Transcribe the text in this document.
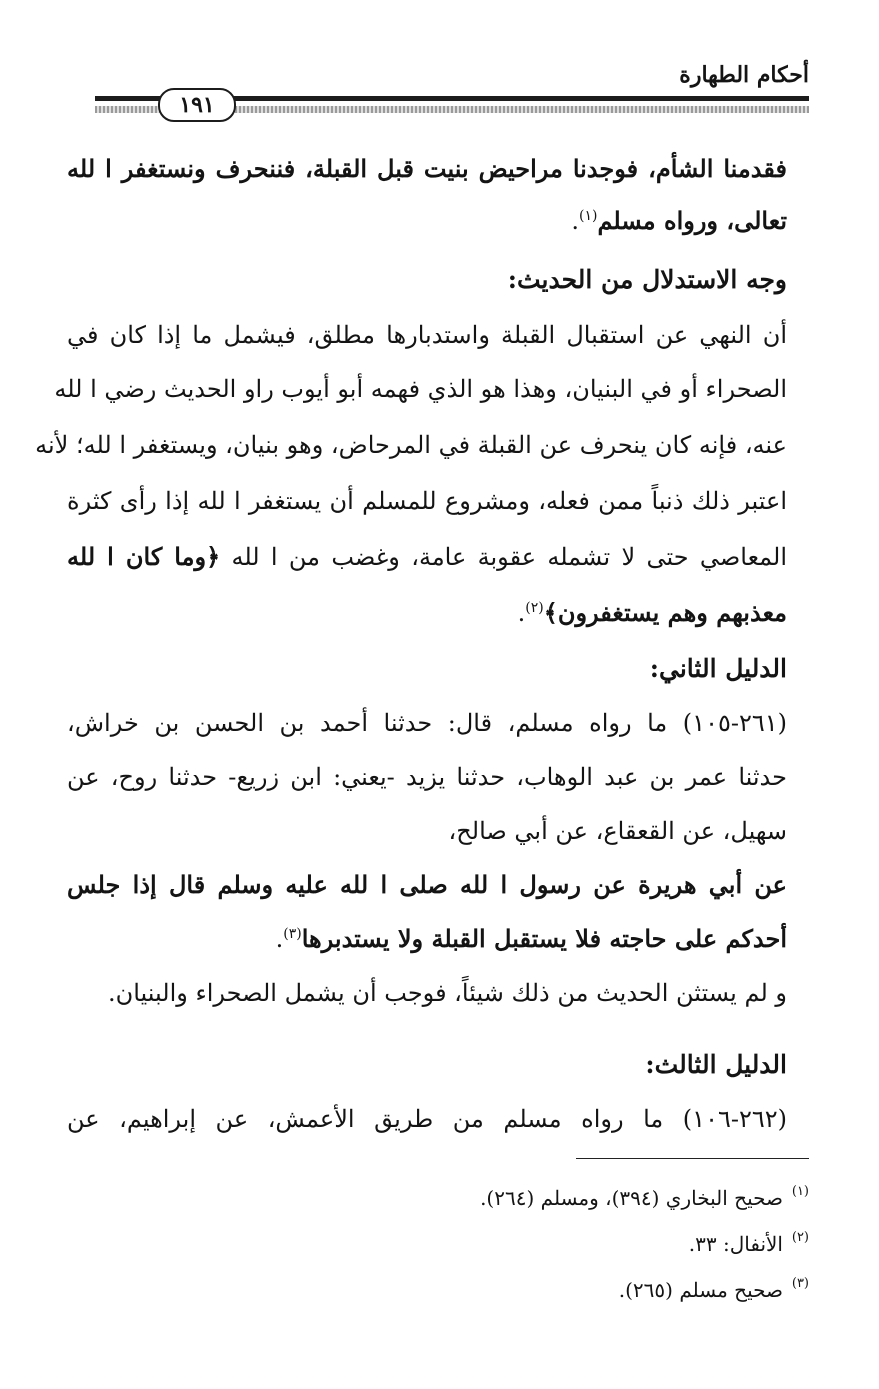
أحكام الطهارة
١٩١
فقدمنا الشأم، فوجدنا مراحيض بنيت قبل القبلة، فننحرف ونستغفر ا لله
تعالى، ورواه مسلم$^{(١)}$.
وجه الاستدلال من الحديث:
أن النهي عن استقبال القبلة واستدبارها مطلق، فيشمل ما إذا كان في
الصحراء أو في البنيان، وهذا هو الذي فهمه أبو أيوب راو الحديث رضي ا لله
عنه، فإنه كان ينحرف عن القبلة في المرحاض، وهو بنيان، ويستغفر ا لله؛ لأنه
اعتبر ذلك ذنباً ممن فعله، ومشروع للمسلم أن يستغفر ا لله إذا رأى كثرة
المعاصي حتى لا تشمله عقوبة عامة، وغضب من ا لله ﴿وما كان ا لله
معذبهم وهم يستغفرون﴾$^{(٢)}$.
الدليل الثاني:
(٢٦١-١٠٥) ما رواه مسلم، قال: حدثنا أحمد بن الحسن بن خراش،
حدثنا عمر بن عبد الوهاب، حدثنا يزيد -يعني: ابن زريع- حدثنا روح، عن
سهيل، عن القعقاع، عن أبي صالح،
عن أبي هريرة عن رسول ا لله صلى ا لله عليه وسلم قال إذا جلس
أحدكم على حاجته فلا يستقبل القبلة ولا يستدبرها$^{(٣)}$.
و لم يستثن الحديث من ذلك شيئاً، فوجب أن يشمل الصحراء والبنيان.
الدليل الثالث:
(٢٦٢-١٠٦) ما رواه مسلم من طريق الأعمش، عن إبراهيم، عن
(١)
صحيح البخاري (٣٩٤)، ومسلم (٢٦٤).
(٢)
الأنفال: ٣٣.
(٣)
صحيح مسلم (٢٦٥).
